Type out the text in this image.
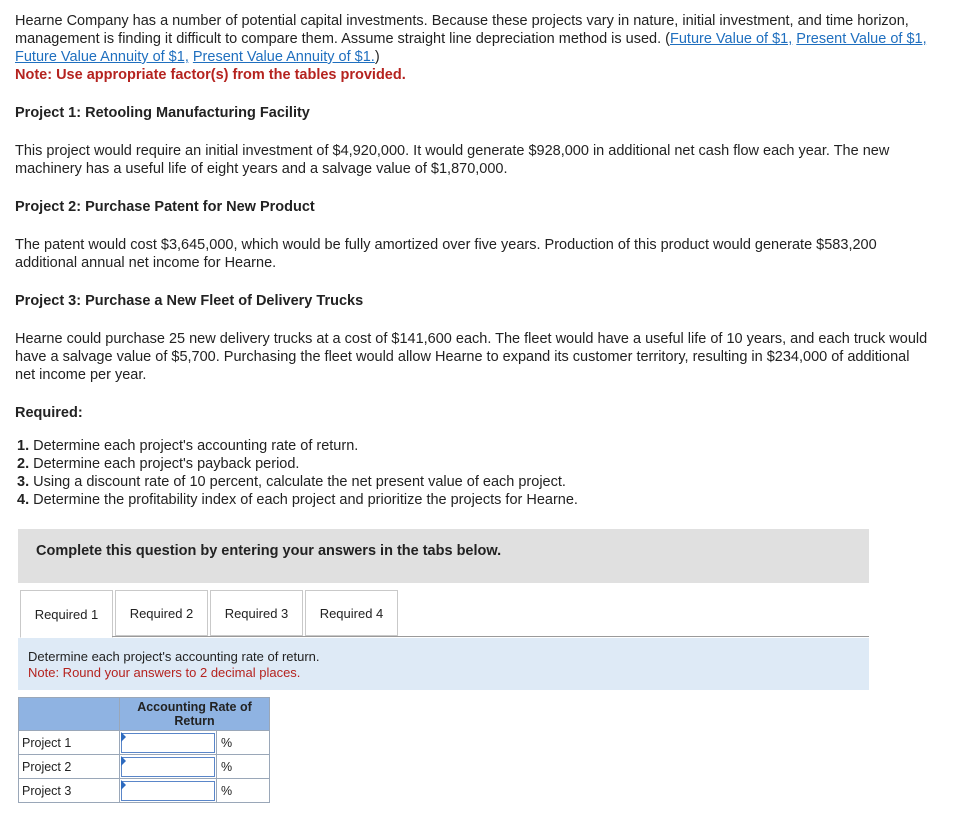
Hearne Company has a number of potential capital investments. Because these projects vary in nature, initial investment, and time horizon, management is finding it difficult to compare them. Assume straight line depreciation method is used. (Future Value of $1, Present Value of $1, Future Value Annuity of $1, Present Value Annuity of $1.)

Note: Use appropriate factor(s) from the tables provided.

Project 1: Retooling Manufacturing Facility

This project would require an initial investment of $4,920,000. It would generate $928,000 in additional net cash flow each year. The new machinery has a useful life of eight years and a salvage value of $1,870,000.

Project 2: Purchase Patent for New Product

The patent would cost $3,645,000, which would be fully amortized over five years. Production of this product would generate $583,200 additional annual net income for Hearne.

Project 3: Purchase a New Fleet of Delivery Trucks

Hearne could purchase 25 new delivery trucks at a cost of $141,600 each. The fleet would have a useful life of 10 years, and each truck would have a salvage value of $5,700. Purchasing the fleet would allow Hearne to expand its customer territory, resulting in $234,000 of additional net income per year.

Required:

1. Determine each project's accounting rate of return.
2. Determine each project's payback period.
3. Using a discount rate of 10 percent, calculate the net present value of each project.
4. Determine the profitability index of each project and prioritize the projects for Hearne.
Complete this question by entering your answers in the tabs below.
Required 1	Required 2	Required 3	Required 4
Determine each project's accounting rate of return.
Note: Round your answers to 2 decimal places.
	Accounting Rate of Return	
Project 1		%
Project 2		%
Project 3		%
